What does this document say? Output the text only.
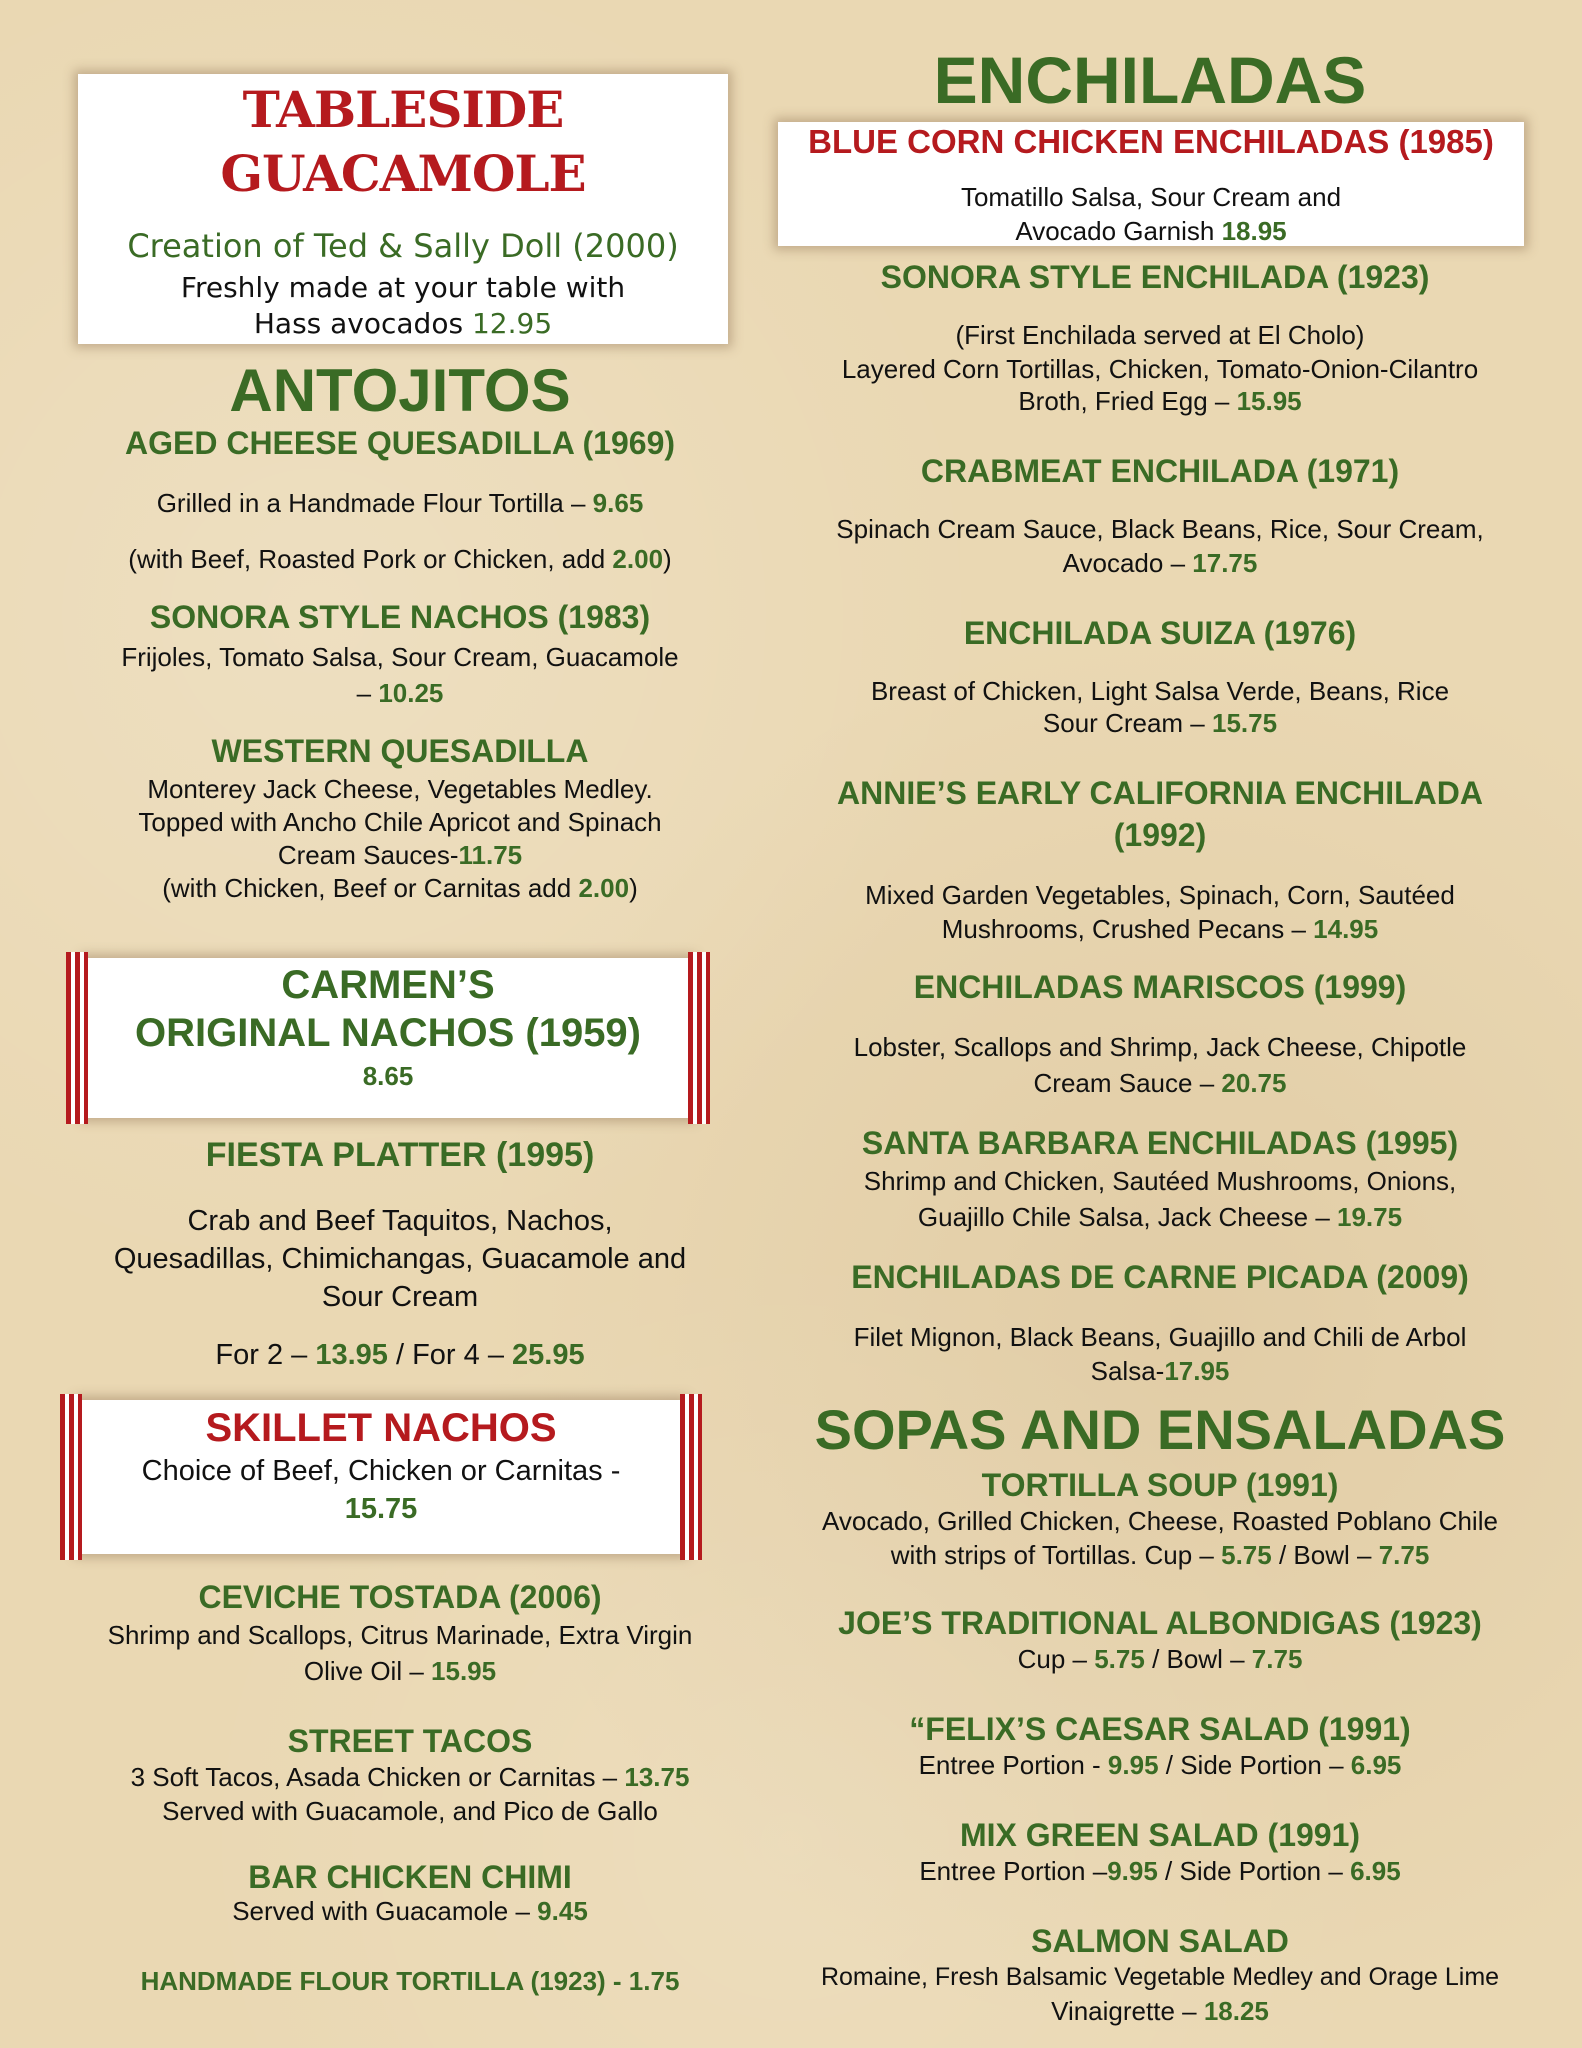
TABLESIDE
GUACAMOLE
Creation of Ted & Sally Doll (2000)
Freshly made at your table with
Hass avocados 12.95
ANTOJITOS
AGED CHEESE QUESADILLA (1969)
Grilled in a Handmade Flour Tortilla – 9.65
(with Beef, Roasted Pork or Chicken, add 2.00)
SONORA STYLE NACHOS (1983)
Frijoles, Tomato Salsa, Sour Cream, Guacamole
– 10.25
WESTERN QUESADILLA
Monterey Jack Cheese, Vegetables Medley.
Topped with Ancho Chile Apricot and Spinach
Cream Sauces-11.75
(with Chicken, Beef or Carnitas add 2.00)
CARMEN’S
ORIGINAL NACHOS (1959)
8.65
FIESTA PLATTER (1995)
Crab and Beef Taquitos, Nachos,
Quesadillas, Chimichangas, Guacamole and
Sour Cream
For 2 – 13.95 / For 4 – 25.95
SKILLET NACHOS
Choice of Beef, Chicken or Carnitas -
15.75
CEVICHE TOSTADA (2006)
Shrimp and Scallops, Citrus Marinade, Extra Virgin
Olive Oil – 15.95
STREET TACOS
3 Soft Tacos, Asada Chicken or Carnitas – 13.75
Served with Guacamole, and Pico de Gallo
BAR CHICKEN CHIMI
Served with Guacamole – 9.45
HANDMADE FLOUR TORTILLA (1923) - 1.75
ENCHILADAS
BLUE CORN CHICKEN ENCHILADAS (1985)
Tomatillo Salsa, Sour Cream and
Avocado Garnish 18.95
SONORA STYLE ENCHILADA (1923)
(First Enchilada served at El Cholo)
Layered Corn Tortillas, Chicken, Tomato-Onion-Cilantro
Broth, Fried Egg – 15.95
CRABMEAT ENCHILADA (1971)
Spinach Cream Sauce, Black Beans, Rice, Sour Cream,
Avocado – 17.75
ENCHILADA SUIZA (1976)
Breast of Chicken, Light Salsa Verde, Beans, Rice
Sour Cream – 15.75
ANNIE’S EARLY CALIFORNIA ENCHILADA
(1992)
Mixed Garden Vegetables, Spinach, Corn, Sautéed
Mushrooms, Crushed Pecans – 14.95
ENCHILADAS MARISCOS (1999)
Lobster, Scallops and Shrimp, Jack Cheese, Chipotle
Cream Sauce – 20.75
SANTA BARBARA ENCHILADAS (1995)
Shrimp and Chicken, Sautéed Mushrooms, Onions,
Guajillo Chile Salsa, Jack Cheese – 19.75
ENCHILADAS DE CARNE PICADA (2009)
Filet Mignon, Black Beans, Guajillo and Chili de Arbol
Salsa-17.95
SOPAS AND ENSALADAS
TORTILLA SOUP (1991)
Avocado, Grilled Chicken, Cheese, Roasted Poblano Chile
with strips of Tortillas. Cup – 5.75 / Bowl – 7.75
JOE’S TRADITIONAL ALBONDIGAS (1923)
Cup – 5.75 / Bowl – 7.75
“FELIX’S CAESAR SALAD (1991)
Entree Portion - 9.95 / Side Portion – 6.95
MIX GREEN SALAD (1991)
Entree Portion –9.95 / Side Portion – 6.95
SALMON SALAD
Romaine, Fresh Balsamic Vegetable Medley and Orage Lime
Vinaigrette – 18.25
